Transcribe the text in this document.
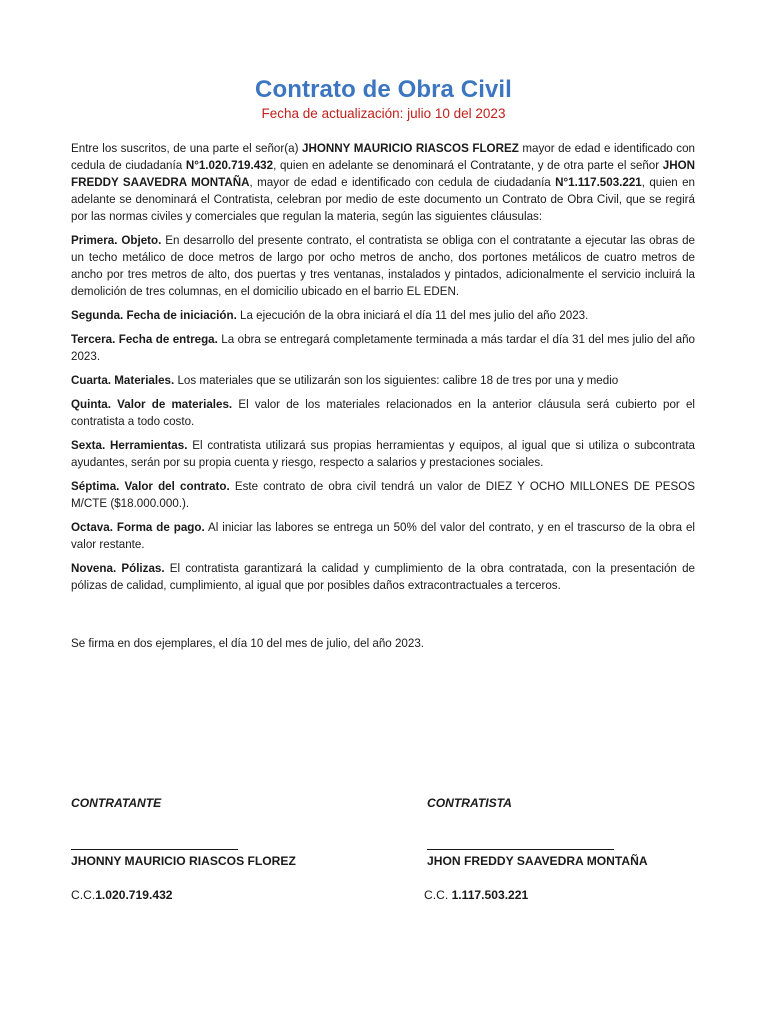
Contrato de Obra Civil
Fecha de actualización: julio 10 del 2023

Entre los suscritos, de una parte el señor(a) JHONNY MAURICIO RIASCOS FLOREZ mayor de edad e identificado con cedula de ciudadanía N°1.020.719.432, quien en adelante se denominará el Contratante, y de otra parte el señor JHON FREDDY SAAVEDRA MONTAÑA, mayor de edad e identificado con cedula de ciudadanía N°1.117.503.221, quien en adelante se denominará el Contratista, celebran por medio de este documento un Contrato de Obra Civil, que se regirá por las normas civiles y comerciales que regulan la materia, según las siguientes cláusulas:

Primera. Objeto. En desarrollo del presente contrato, el contratista se obliga con el contratante a ejecutar las obras de un techo metálico de doce metros de largo por ocho metros de ancho, dos portones metálicos de cuatro metros de ancho por tres metros de alto, dos puertas y tres ventanas, instalados y pintados, adicionalmente el servicio incluirá la demolición de tres columnas, en el domicilio ubicado en el barrio EL EDEN.

Segunda. Fecha de iniciación. La ejecución de la obra iniciará el día 11 del mes julio del año 2023.

Tercera. Fecha de entrega. La obra se entregará completamente terminada a más tardar el día 31 del mes julio del año 2023.

Cuarta. Materiales. Los materiales que se utilizarán son los siguientes: calibre 18 de tres por una y medio

Quinta. Valor de materiales. El valor de los materiales relacionados en la anterior cláusula será cubierto por el contratista a todo costo.

Sexta. Herramientas. El contratista utilizará sus propias herramientas y equipos, al igual que si utiliza o subcontrata ayudantes, serán por su propia cuenta y riesgo, respecto a salarios y prestaciones sociales.

Séptima. Valor del contrato. Este contrato de obra civil tendrá un valor de DIEZ Y OCHO MILLONES DE PESOS M/CTE ($18.000.000.).

Octava. Forma de pago. Al iniciar las labores se entrega un 50% del valor del contrato, y en el trascurso de la obra el valor restante.

Novena. Pólizas. El contratista garantizará la calidad y cumplimiento de la obra contratada, con la presentación de pólizas de calidad, cumplimiento, al igual que por posibles daños extracontractuales a terceros.

Se firma en dos ejemplares, el día 10 del mes de julio, del año 2023.

CONTRATANTE
JHONNY MAURICIO RIASCOS FLOREZ
C.C.1.020.719.432
CONTRATISTA
JHON FREDDY SAAVEDRA MONTAÑA
C.C. 1.117.503.221
